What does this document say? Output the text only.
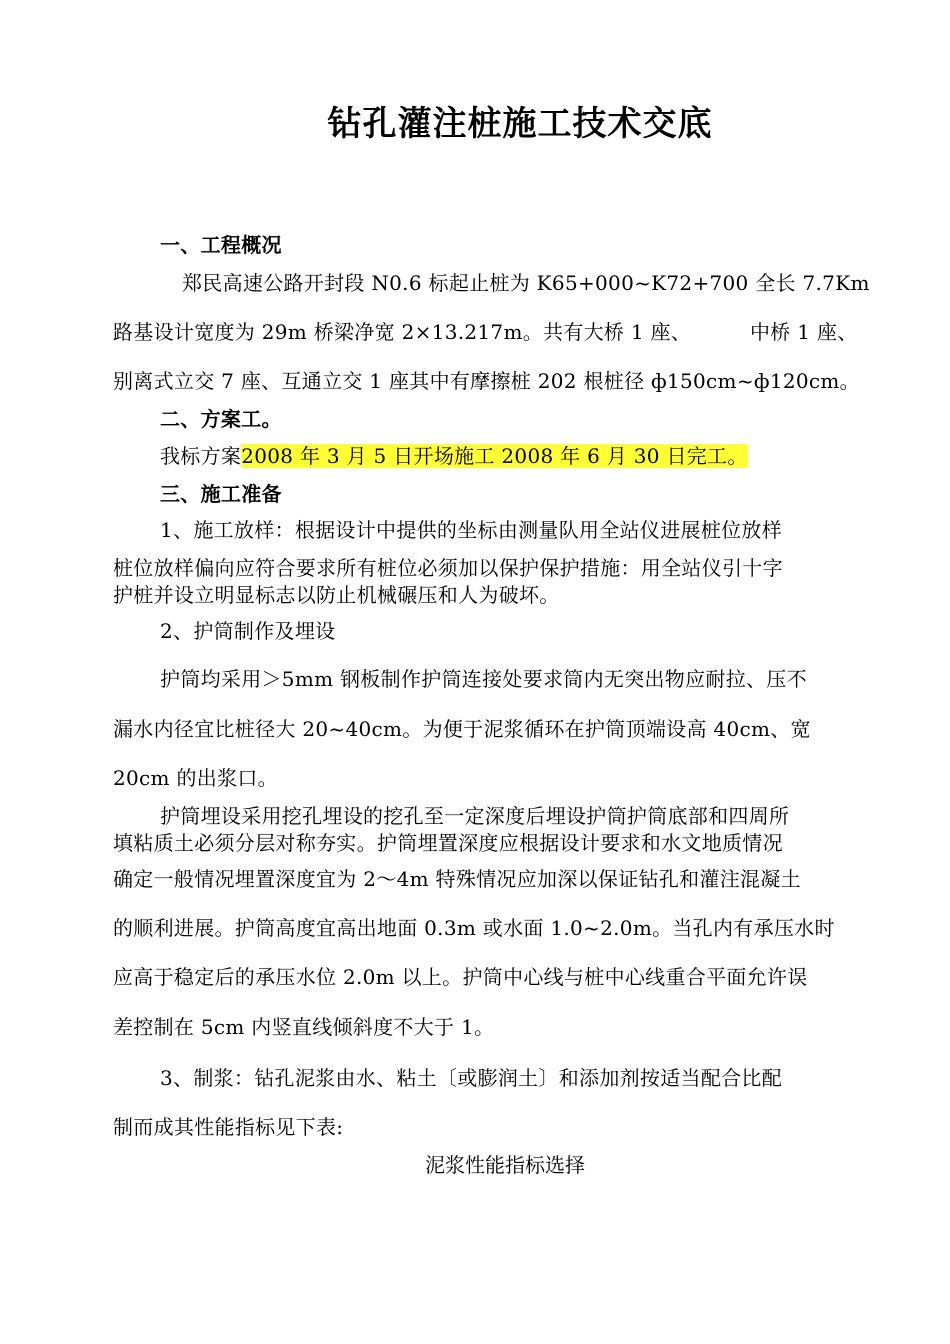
钻孔灌注桩施工技术交底
一、工程概况
郑民高速公路开封段 N0.6 标起止桩为 K65+000~K72+700 全长 7.7Km
路基设计宽度为 29m 桥梁净宽 2×13.217m。共有大桥 1 座、	中桥 1 座、
别离式立交 7 座、互通立交 1 座其中有摩擦桩 202 根桩径 ф150cm~ф120cm。
二、方案工。
我标方案2008 年 3 月 5 日开场施工 2008 年 6 月 30 日完工。
三、施工准备
1、施工放样：根据设计中提供的坐标由测量队用全站仪进展桩位放样
桩位放样偏向应符合要求所有桩位必须加以保护保护措施：用全站仪引十字
护桩并设立明显标志以防止机械碾压和人为破坏。
2、护筒制作及埋设
护筒均采用＞5mm 钢板制作护筒连接处要求筒内无突出物应耐拉、压不
漏水内径宜比桩径大 20~40cm。为便于泥浆循环在护筒顶端设高 40cm、宽
20cm 的出浆口。
护筒埋设采用挖孔埋设的挖孔至一定深度后埋设护筒护筒底部和四周所
填粘质土必须分层对称夯实。护筒埋置深度应根据设计要求和水文地质情况
确定一般情况埋置深度宜为 2～4m 特殊情况应加深以保证钻孔和灌注混凝土
的顺利进展。护筒高度宜高出地面 0.3m 或水面 1.0~2.0m。当孔内有承压水时
应高于稳定后的承压水位 2.0m 以上。护筒中心线与桩中心线重合平面允许误
差控制在 5cm 内竖直线倾斜度不大于 1。
3、制浆：钻孔泥浆由水、粘土〔或膨润土〕和添加剂按适当配合比配
制而成其性能指标见下表:
泥浆性能指标选择
